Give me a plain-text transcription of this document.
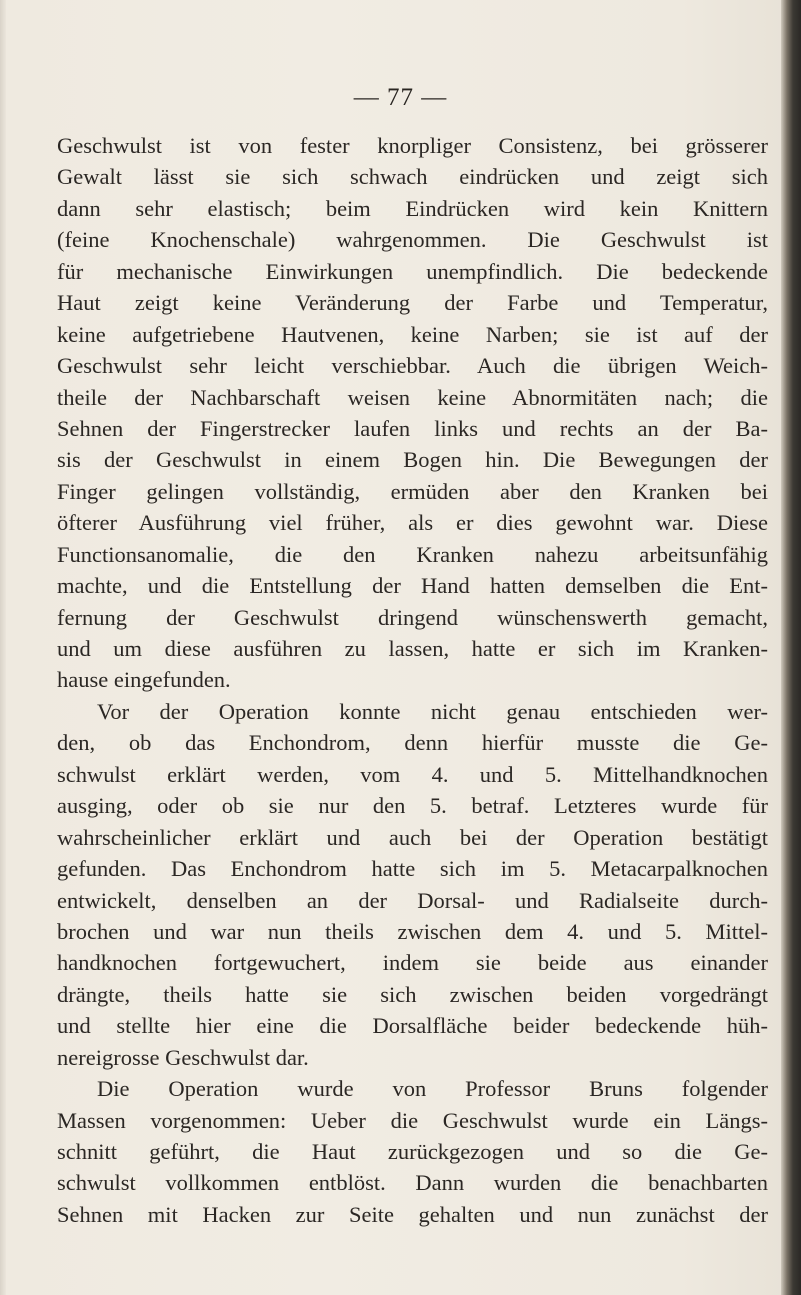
— 77 —
Geschwulst ist von fester knorpliger Consistenz, bei grösserer
Gewalt lässt sie sich schwach eindrücken und zeigt sich
dann sehr elastisch; beim Eindrücken wird kein Knittern
(feine Knochenschale) wahrgenommen. Die Geschwulst ist
für mechanische Einwirkungen unempfindlich. Die bedeckende
Haut zeigt keine Veränderung der Farbe und Temperatur,
keine aufgetriebene Hautvenen, keine Narben; sie ist auf der
Geschwulst sehr leicht verschiebbar. Auch die übrigen Weich-
theile der Nachbarschaft weisen keine Abnormitäten nach; die
Sehnen der Fingerstrecker laufen links und rechts an der Ba-
sis der Geschwulst in einem Bogen hin. Die Bewegungen der
Finger gelingen vollständig, ermüden aber den Kranken bei
öfterer Ausführung viel früher, als er dies gewohnt war. Diese
Functionsanomalie, die den Kranken nahezu arbeitsunfähig
machte, und die Entstellung der Hand hatten demselben die Ent-
fernung der Geschwulst dringend wünschenswerth gemacht,
und um diese ausführen zu lassen, hatte er sich im Kranken-
hause eingefunden.
Vor der Operation konnte nicht genau entschieden wer-
den, ob das Enchondrom, denn hierfür musste die Ge-
schwulst erklärt werden, vom 4. und 5. Mittelhandknochen
ausging, oder ob sie nur den 5. betraf. Letzteres wurde für
wahrscheinlicher erklärt und auch bei der Operation bestätigt
gefunden. Das Enchondrom hatte sich im 5. Metacarpalknochen
entwickelt, denselben an der Dorsal- und Radialseite durch-
brochen und war nun theils zwischen dem 4. und 5. Mittel-
handknochen fortgewuchert, indem sie beide aus einander
drängte, theils hatte sie sich zwischen beiden vorgedrängt
und stellte hier eine die Dorsalfläche beider bedeckende hüh-
nereigrosse Geschwulst dar.
Die Operation wurde von Professor Bruns folgender
Massen vorgenommen: Ueber die Geschwulst wurde ein Längs-
schnitt geführt, die Haut zurückgezogen und so die Ge-
schwulst vollkommen entblöst. Dann wurden die benachbarten
Sehnen mit Hacken zur Seite gehalten und nun zunächst der
